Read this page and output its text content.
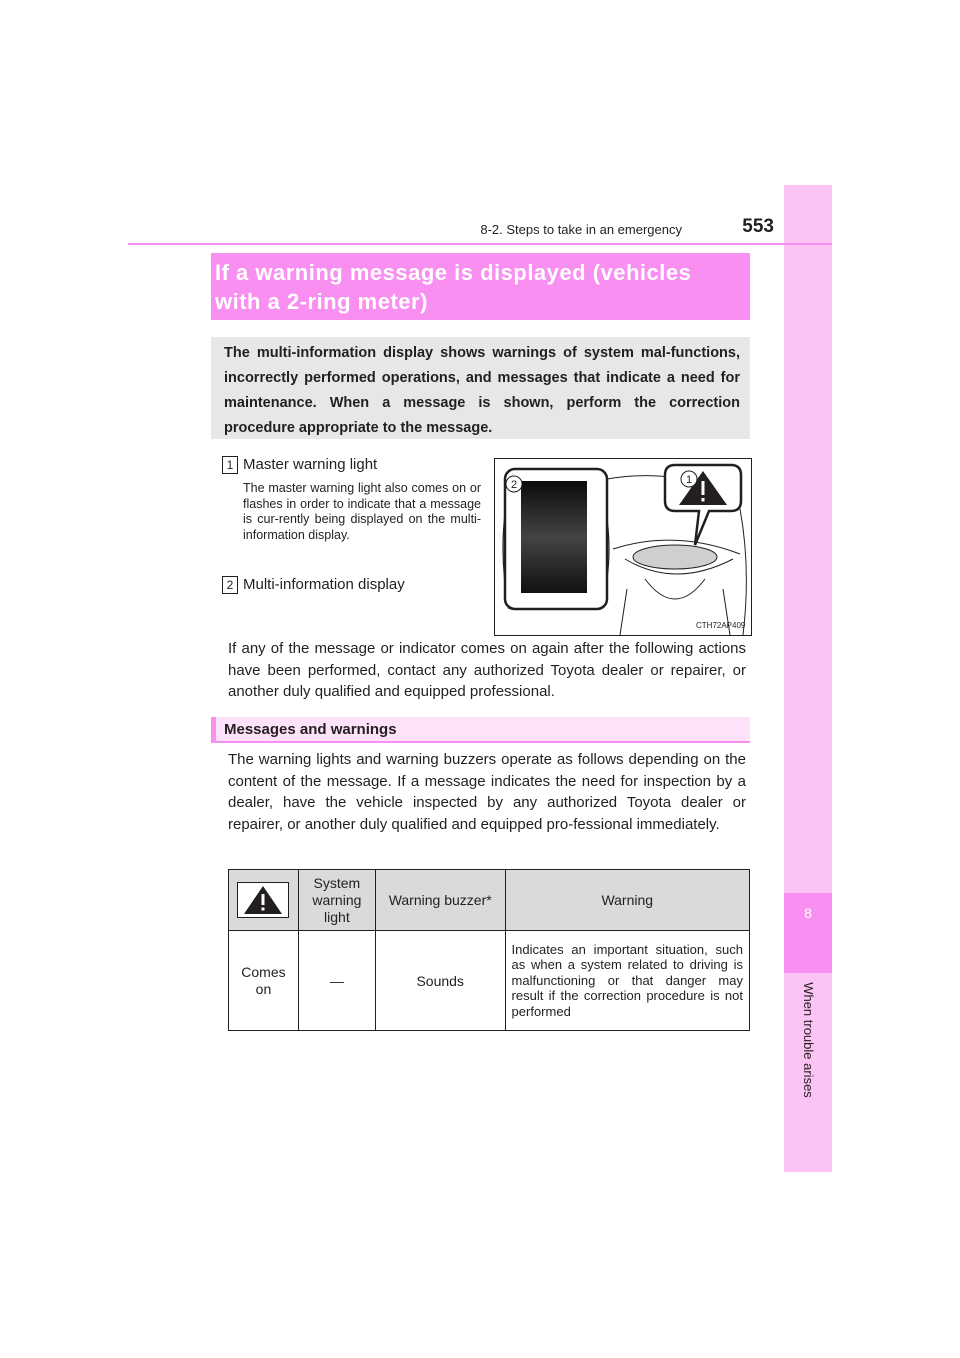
8
When trouble arises
8-2. Steps to take in an emergency	553
If a warning message is displayed (vehicles
with a 2-ring meter)
The multi-information display shows warnings of system mal-functions, incorrectly performed operations, and messages that indicate a need for maintenance. When a message is shown, perform the correction procedure appropriate to the message.
1 Master warning light
The master warning light also comes on or flashes in order to indicate that a message is cur-rently being displayed on the multi-information display.
2 Multi-information display
2	1
CTH72AP409
If any of the message or indicator comes on again after the following actions have been performed, contact any authorized Toyota dealer or repairer, or another duly qualified and equipped professional.
Messages and warnings
The warning lights and warning buzzers operate as follows depending on the content of the message. If a message indicates the need for inspection by a dealer, have the vehicle inspected by any authorized Toyota dealer or repairer, or another duly qualified and equipped pro-fessional immediately.
	System warning light	Warning buzzer*	Warning
Comes on	—	Sounds	Indicates an important situation, such as when a system related to driving is malfunctioning or that danger may result if the correction procedure is not performed
